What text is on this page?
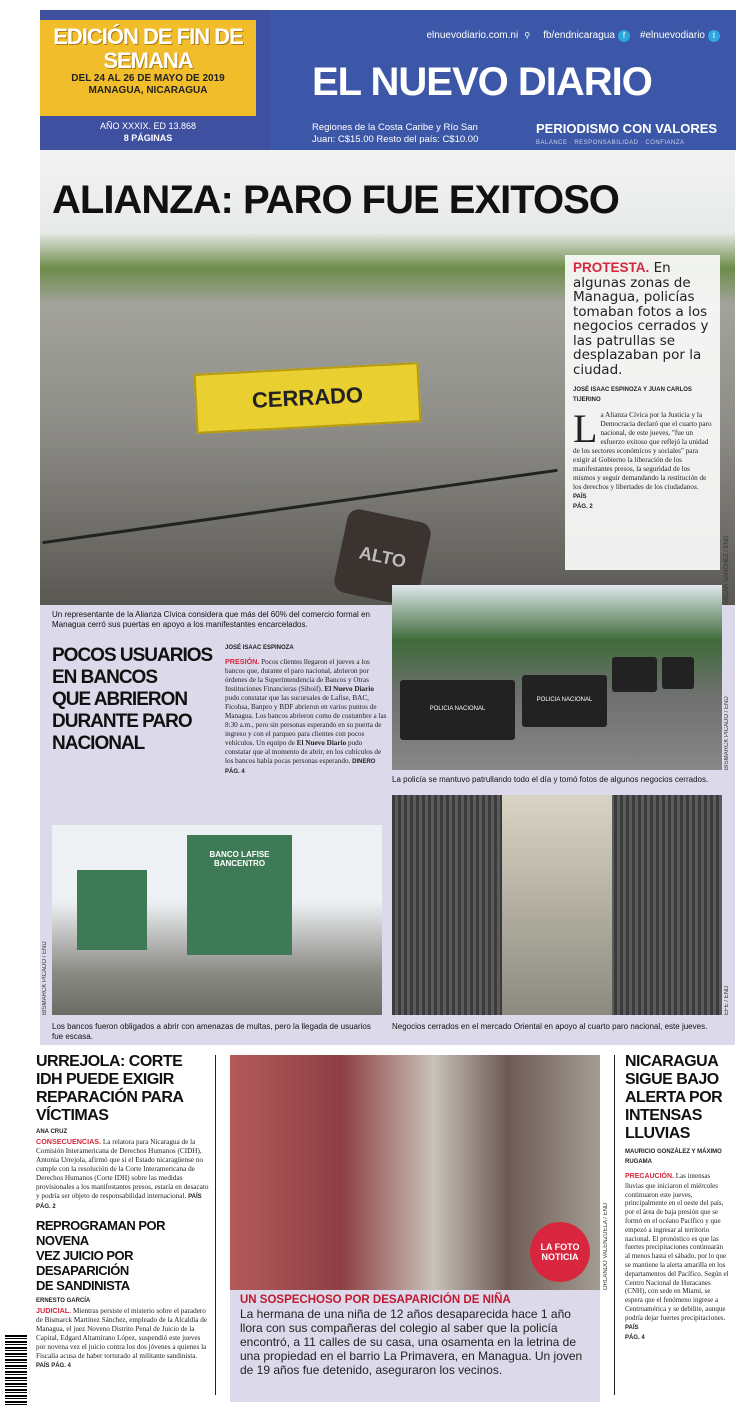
EDICIÓN DE FIN DE SEMANA
DEL 24 AL 26 DE MAYO DE 2019
MANAGUA, NICARAGUA
AÑO XXXIX. ED 13.868
8 PÁGINAS
elnuevodiario.com.ni ⚲	fb/endnicaragua f	#elnuevodiario t
EL NUEVO DIARIO
Regiones de la Costa Caribe y Río San
Juan: C$15.00 Resto del país: C$10.00
PERIODISMO CON VALORES
BALANCE · RESPONSABILIDAD · CONFIANZA
ALIANZA: PARO FUE EXITOSO
CERRADO
ALTO

PROTESTA. En algunas zonas de Managua, policías tomaban fotos a los negocios cerrados y las patrullas se desplazaban por la ciudad.

JOSÉ ISAAC ESPINOZA Y JUAN CARLOS TIJERINO

La Alianza Cívica por la Justicia y la Democracia declaró que el cuarto paro nacional, de este jueves, "fue un esfuerzo exitoso que reflejó la unidad de los sectores económicos y sociales" para exigir al Gobierno la liberación de los manifestantes presos, la seguridad de los mismos y seguir demandando la restitución de los derechos y libertades de los ciudadanos.

PAÍS

PÁG. 2

OSCAR SÁNCHEZ / END
Un representante de la Alianza Cívica considera que más del 60% del comercio formal en Managua cerró sus puertas en apoyo a los manifestantes encarcelados.
POCOS USUARIOS
EN BANCOS
QUE ABRIERON
DURANTE PARO
NACIONAL

JOSÉ ISAAC ESPINOZA

PRESIÓN. Pocos clientes llegaron el jueves a los bancos que, durante el paro nacional, abrieron por órdenes de la Superintendencia de Bancos y Otras Instituciones Financieras (Siboif). El Nuevo Diario pudo constatar que las sucursales de Lafise, BAC, Ficohsa, Banpro y BDF abrieron en varios puntos de Managua. Los bancos abrieron como de costumbre a las 8:30 a.m., pero sin personas esperando en su puerta de ingreso y con el parqueo para clientes con pocos vehículos. Un equipo de El Nuevo Diario pudo constatar que al momento de abrir, en los cubículos de los bancos había pocas personas esperando. DINERO PÁG. 4

POLICIA NACIONAL
POLICIA NACIONAL	BISMARCK PICADO / END
La policía se mantuvo patrullando todo el día y tomó fotos de algunos negocios cerrados.
BANCO LAFISE BANCENTRO
BISMARCK PICADO / END
Los bancos fueron obligados a abrir con amenazas de multas, pero la llegada de usuarios fue escasa.
EFE / END
Negocios cerrados en el mercado Oriental en apoyo al cuarto paro nacional, este jueves.
URREJOLA: CORTE
IDH PUEDE EXIGIR
REPARACIÓN PARA
VÍCTIMAS

ANA CRUZ

CONSECUENCIAS. La relatora para Nicaragua de la Comisión Interamericana de Derechos Humanos (CIDH), Antonia Urrejola, afirmó que si el Estado nicaragüense no cumple con la resolución de la Corte Interamericana de Derechos Humanos (Corte IDH) sobre las medidas provisionales a los manifestantes presos, estaría en desacato y podría ser objeto de responsabilidad internacional. PAÍS PÁG. 2

REPROGRAMAN POR NOVENA
VEZ JUICIO POR DESAPARICIÓN
DE SANDINISTA

ERNESTO GARCÍA

JUDICIAL. Mientras persiste el misterio sobre el paradero de Bismarck Martínez Sánchez, empleado de la Alcaldía de Managua, el juez Noveno Distrito Penal de Juicio de la Capital, Edgard Altamirano López, suspendió este jueves por novena vez el juicio contra los dos jóvenes a quienes la Fiscalía acusa de haber torturado al militante sandinista.

PAÍS PÁG. 4

LA FOTO NOTICIA	ORLANDO VALENZUELA / END
UN SOSPECHOSO POR DESAPARICIÓN DE NIÑA

La hermana de una niña de 12 años desaparecida hace 1 año llora con sus compañeras del colegio al saber que la policía encontró, a 11 calles de su casa, una osamenta en la letrina de una propiedad en el barrio La Primavera, en Managua. Un joven de 19 años fue detenido, aseguraron los vecinos.

NICARAGUA
SIGUE BAJO
ALERTA POR
INTENSAS
LLUVIAS

MAURICIO GONZÁLEZ Y MÁXIMO RUGAMA

PRECAUCIÓN. Las intensas lluvias que iniciaron el miércoles continuaron este jueves, principalmente en el oeste del país, por el área de baja presión que se formó en el océano Pacífico y que empezó a ingresar al territorio nacional. El pronóstico es que las fuertes precipitaciones continuarán al menos hasta el sábado, por lo que se mantiene la alerta amarilla en los departamentos del Pacífico. Según el Centro Nacional de Huracanes (CNH), con sede en Miami, se espera que el fenómeno ingrese a Centroamérica y se debilite, aunque podría dejar fuertes precipitaciones.

PAÍS

PÁG. 4
